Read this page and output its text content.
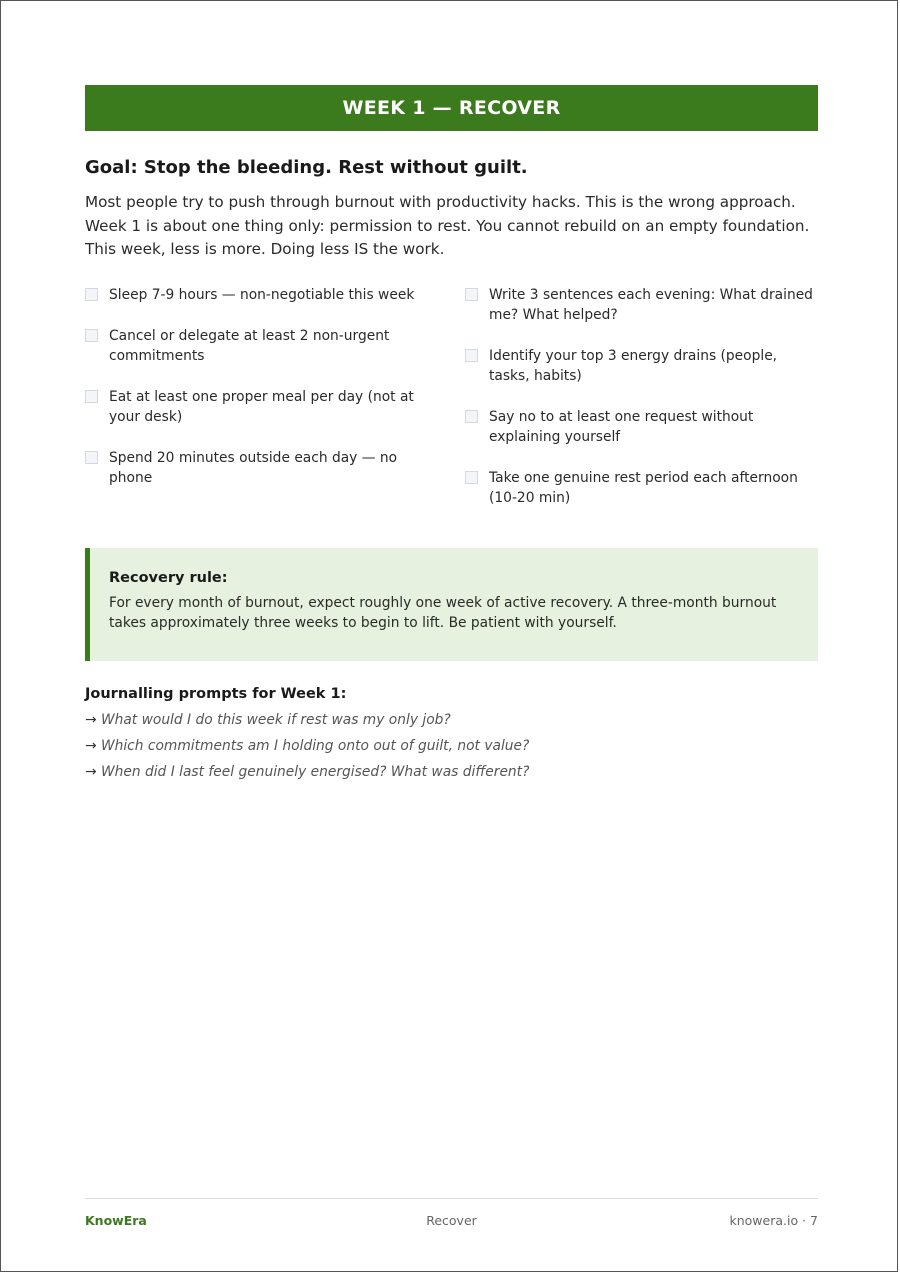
WEEK 1 — RECOVER
Goal: Stop the bleeding. Rest without guilt.

Most people try to push through burnout with productivity hacks. This is the wrong approach. Week 1 is about one thing only: permission to rest. You cannot rebuild on an empty foundation. This week, less is more. Doing less IS the work.

Sleep 7-9 hours — non-negotiable this week
Cancel or delegate at least 2 non-urgent commitments
Eat at least one proper meal per day (not at your desk)
Spend 20 minutes outside each day — no phone
Write 3 sentences each evening: What drained me? What helped?
Identify your top 3 energy drains (people, tasks, habits)
Say no to at least one request without explaining yourself
Take one genuine rest period each afternoon (10-20 min)
Recovery rule:
For every month of burnout, expect roughly one week of active recovery. A three-month burnout takes approximately three weeks to begin to lift. Be patient with yourself.
Journalling prompts for Week 1:
→ What would I do this week if rest was my only job?
→ Which commitments am I holding onto out of guilt, not value?
→ When did I last feel genuinely energised? What was different?
KnowEra	Recover	knowera.io · 7
